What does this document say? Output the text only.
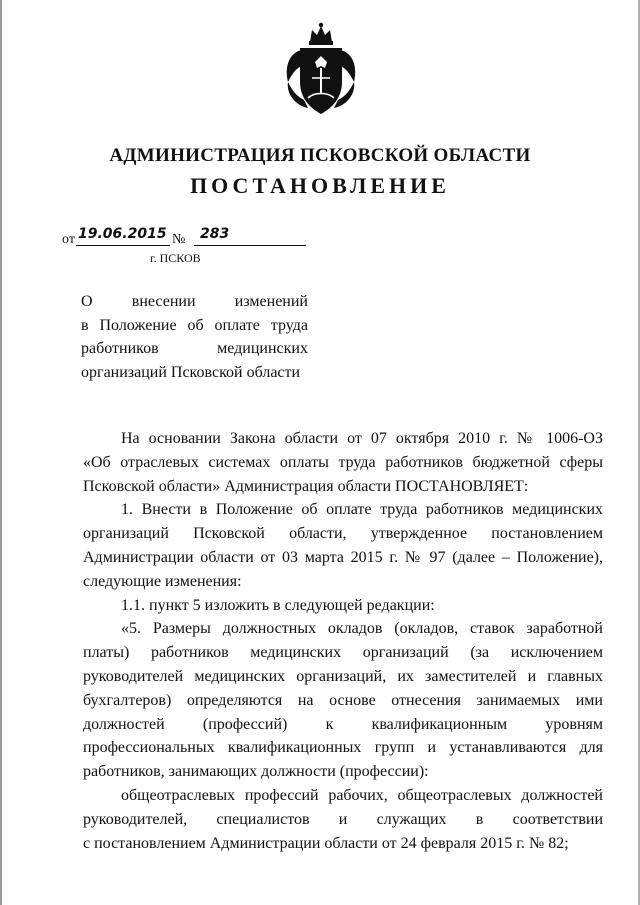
АДМИНИСТРАЦИЯ ПСКОВСКОЙ ОБЛАСТИ
ПОСТАНОВЛЕНИЕ
от 19.06.2015 № 283
г. ПСКОВ
О внесении изменений
в Положение об оплате труда
работников медицинских
организаций Псковской области

На основании Закона области от 07 октября 2010 г. № 1006-ОЗ

«Об отраслевых системах оплаты труда работников бюджетной сферы

Псковской области» Администрация области ПОСТАНОВЛЯЕТ:

1. Внести в Положение об оплате труда работников медицинских

организаций Псковской области, утвержденное постановлением

Администрации области от 03 марта 2015 г. № 97 (далее – Положение),

следующие изменения:

1.1. пункт 5 изложить в следующей редакции:

«5. Размеры должностных окладов (окладов, ставок заработной

платы) работников медицинских организаций (за исключением

руководителей медицинских организаций, их заместителей и главных

бухгалтеров) определяются на основе отнесения занимаемых ими

должностей (профессий) к квалификационным уровням

профессиональных квалификационных групп и устанавливаются для

работников, занимающих должности (профессии):

общеотраслевых профессий рабочих, общеотраслевых должностей

руководителей, специалистов и служащих в соответствии

с постановлением Администрации области от 24 февраля 2015 г. № 82;
